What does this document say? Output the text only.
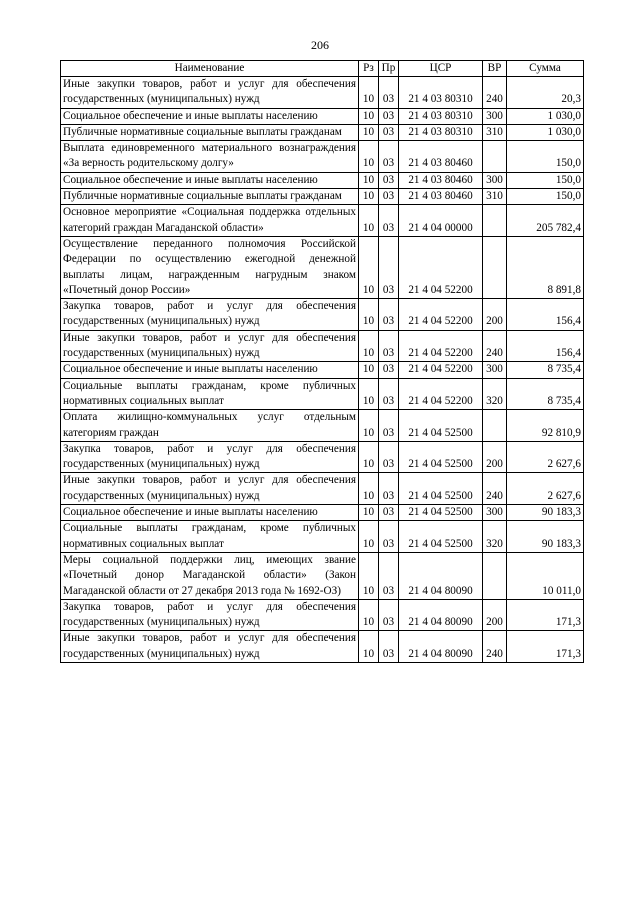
206
Наименование	Рз	Пр	ЦСР	ВР	Сумма
Иные закупки товаров, работ и услуг для обеспечения государственных (муниципальных) нужд	10	03	21 4 03 80310	240	20,3
Социальное обеспечение и иные выплаты населению	10	03	21 4 03 80310	300	1 030,0
Публичные нормативные социальные выплаты гражданам	10	03	21 4 03 80310	310	1 030,0
Выплата единовременного материального вознаграждения «За верность родительскому долгу»	10	03	21 4 03 80460		150,0
Социальное обеспечение и иные выплаты населению	10	03	21 4 03 80460	300	150,0
Публичные нормативные социальные выплаты гражданам	10	03	21 4 03 80460	310	150,0
Основное мероприятие «Социальная поддержка отдельных категорий граждан Магаданской области»	10	03	21 4 04 00000		205 782,4
Осуществление переданного полномочия Российской Федерации по осуществлению ежегодной денежной выплаты лицам, награжденным нагрудным знаком «Почетный донор России»	10	03	21 4 04 52200		8 891,8
Закупка товаров, работ и услуг для обеспечения государственных (муниципальных) нужд	10	03	21 4 04 52200	200	156,4
Иные закупки товаров, работ и услуг для обеспечения государственных (муниципальных) нужд	10	03	21 4 04 52200	240	156,4
Социальное обеспечение и иные выплаты населению	10	03	21 4 04 52200	300	8 735,4
Социальные выплаты гражданам, кроме публичных нормативных социальных выплат	10	03	21 4 04 52200	320	8 735,4
Оплата жилищно-коммунальных услуг отдельным категориям граждан	10	03	21 4 04 52500		92 810,9
Закупка товаров, работ и услуг для обеспечения государственных (муниципальных) нужд	10	03	21 4 04 52500	200	2 627,6
Иные закупки товаров, работ и услуг для обеспечения государственных (муниципальных) нужд	10	03	21 4 04 52500	240	2 627,6
Социальное обеспечение и иные выплаты населению	10	03	21 4 04 52500	300	90 183,3
Социальные выплаты гражданам, кроме публичных нормативных социальных выплат	10	03	21 4 04 52500	320	90 183,3
Меры социальной поддержки лиц, имеющих звание «Почетный донор Магаданской области» (Закон Магаданской области от 27 декабря 2013 года № 1692-ОЗ)	10	03	21 4 04 80090		10 011,0
Закупка товаров, работ и услуг для обеспечения государственных (муниципальных) нужд	10	03	21 4 04 80090	200	171,3
Иные закупки товаров, работ и услуг для обеспечения государственных (муниципальных) нужд	10	03	21 4 04 80090	240	171,3
